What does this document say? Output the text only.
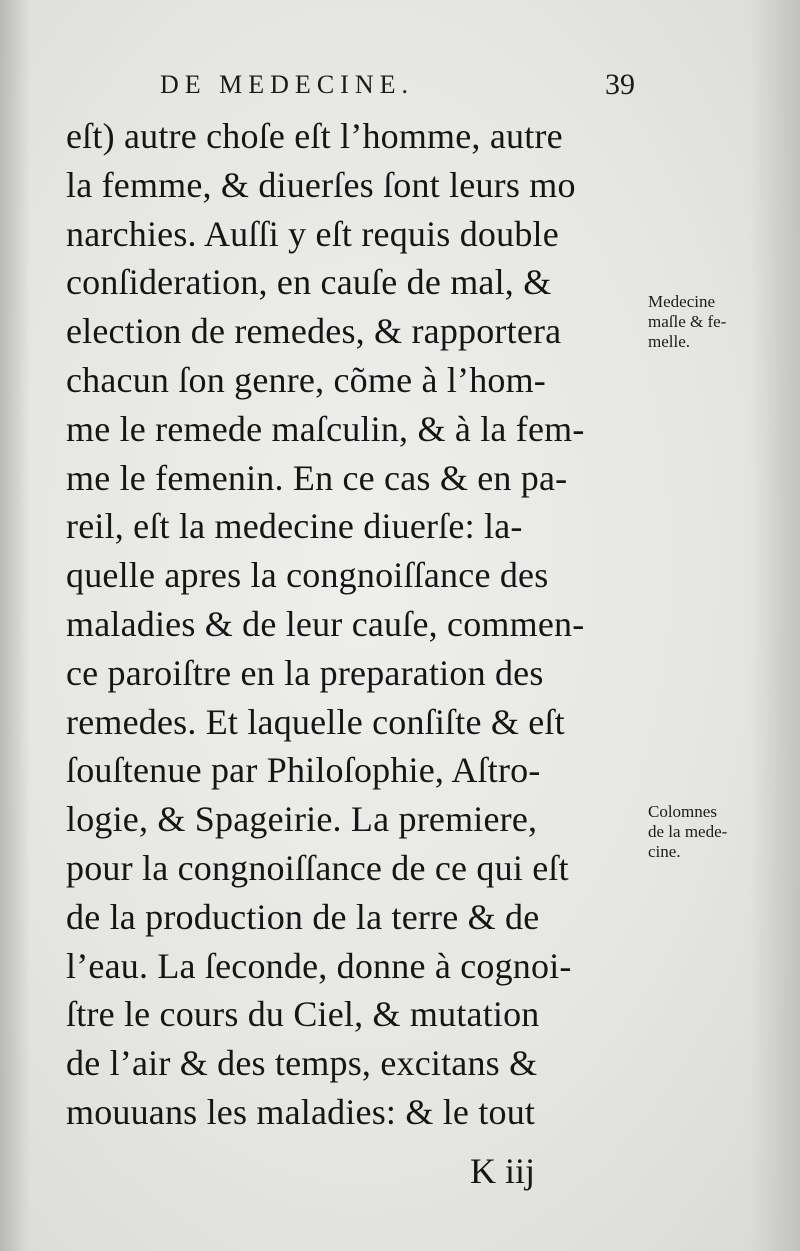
DE MEDECINE.	39
eſt) autre choſe eſt l’homme, autre
la femme, & diuerſes ſont leurs mo
narchies. Auſſi y eſt requis double
conſideration, en cauſe de mal, &
election de remedes, & rapportera
chacun ſon genre, cõme à l’hom-
me le remede maſculin, & à la fem-
me le femenin. En ce cas & en pa-
reil, eſt la medecine diuerſe: la-
quelle apres la congnoiſſance des
maladies & de leur cauſe, commen-
ce paroiſtre en la preparation des
remedes. Et laquelle conſiſte & eſt
ſouſtenue par Philoſophie, Aſtro-
logie, & Spageirie. La premiere,
pour la congnoiſſance de ce qui eſt
de la production de la terre & de
l’eau. La ſeconde, donne à cognoi-
ſtre le cours du Ciel, & mutation
de l’air & des temps, excitans &
mouuans les maladies: & le tout
Medecine
maſle & fe-
melle.
Colomnes
de la mede-
cine.
K iij
